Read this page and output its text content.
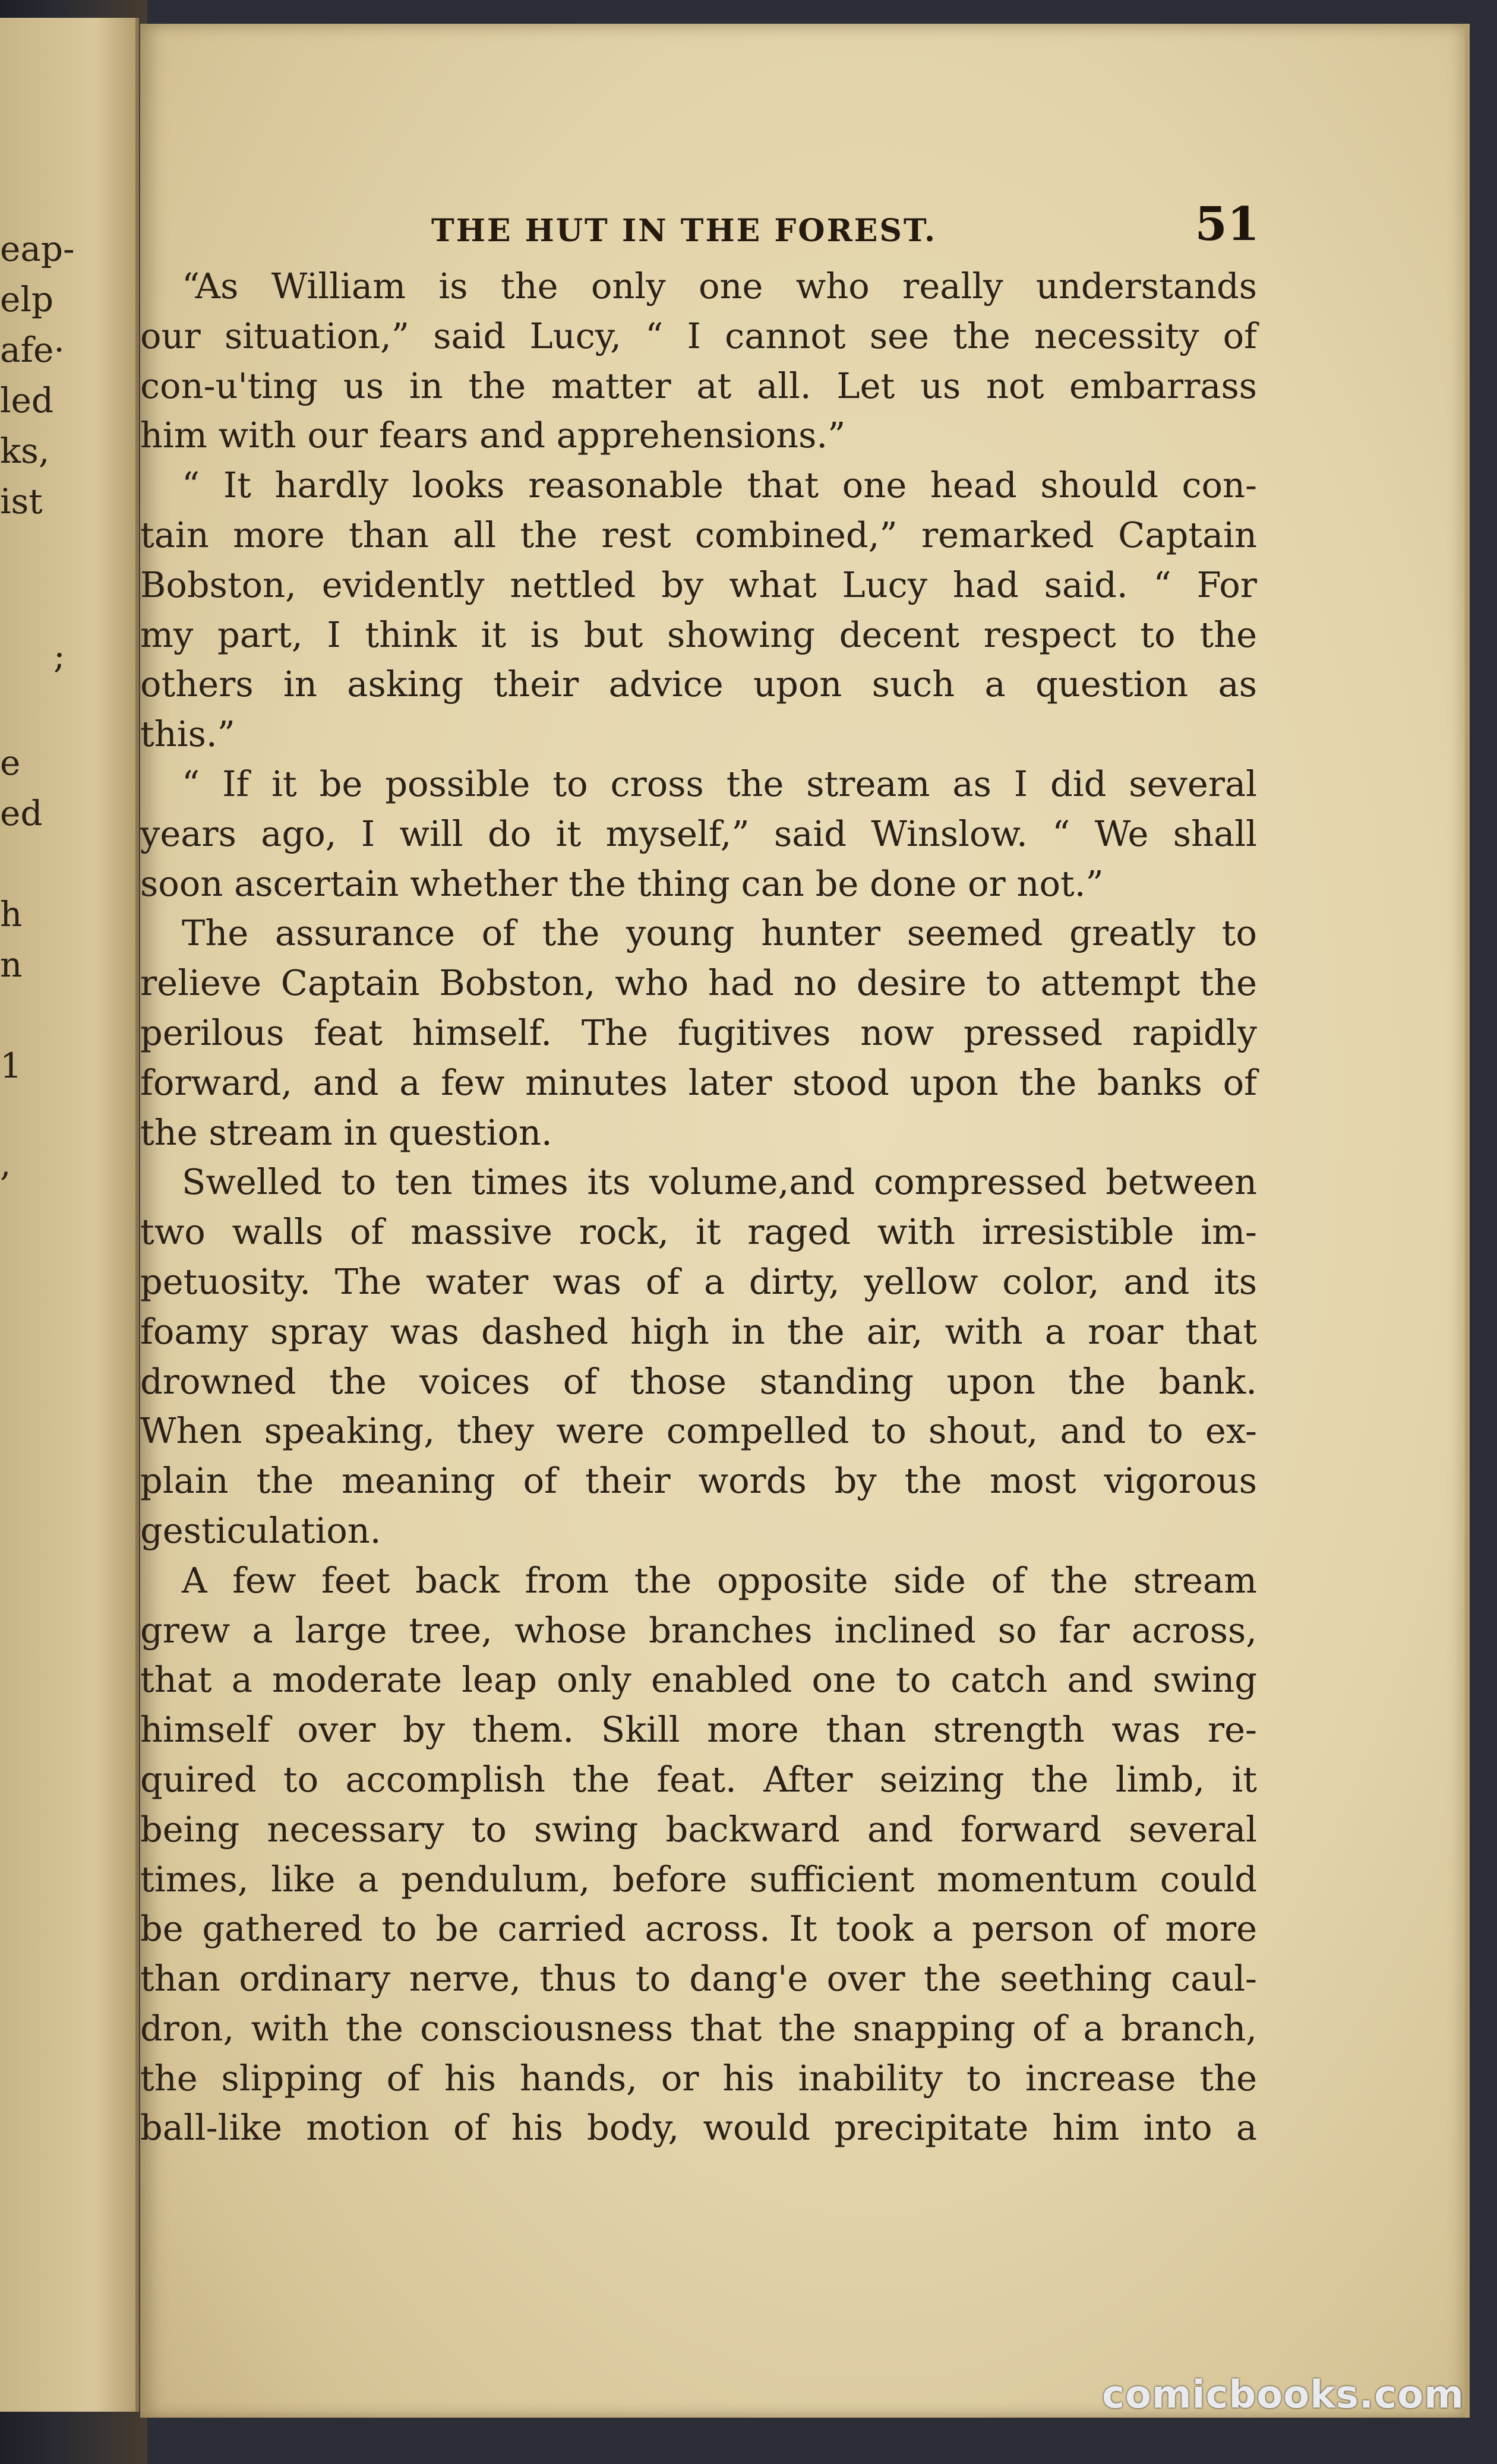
eap-
elp
afe·
led
ks,
ist
;
e
ed
h
n
1
,
THE HUT IN THE FOREST.	51
“As William is the only one who really understands
our situation,” said Lucy, “ I cannot see the necessity of
con-u'ting us in the matter at all. Let us not embarrass
him with our fears and apprehensions.”
“ It hardly looks reasonable that one head should con-
tain more than all the rest combined,” remarked Captain
Bobston, evidently nettled by what Lucy had said. “ For
my part, I think it is but showing decent respect to the
others in asking their advice upon such a question as
this.”
“ If it be possible to cross the stream as I did several
years ago, I will do it myself,” said Winslow. “ We shall
soon ascertain whether the thing can be done or not.”
The assurance of the young hunter seemed greatly to
relieve Captain Bobston, who had no desire to attempt the
perilous feat himself. The fugitives now pressed rapidly
forward, and a few minutes later stood upon the banks of
the stream in question.
Swelled to ten times its volume,and compressed between
two walls of massive rock, it raged with irresistible im-
petuosity. The water was of a dirty, yellow color, and its
foamy spray was dashed high in the air, with a roar that
drowned the voices of those standing upon the bank.
When speaking, they were compelled to shout, and to ex-
plain the meaning of their words by the most vigorous
gesticulation.
A few feet back from the opposite side of the stream
grew a large tree, whose branches inclined so far across,
that a moderate leap only enabled one to catch and swing
himself over by them. Skill more than strength was re-
quired to accomplish the feat. After seizing the limb, it
being necessary to swing backward and forward several
times, like a pendulum, before sufficient momentum could
be gathered to be carried across. It took a person of more
than ordinary nerve, thus to dang'e over the seething caul-
dron, with the consciousness that the snapping of a branch,
the slipping of his hands, or his inability to increase the
ball-like motion of his body, would precipitate him into a
comicbooks.com
